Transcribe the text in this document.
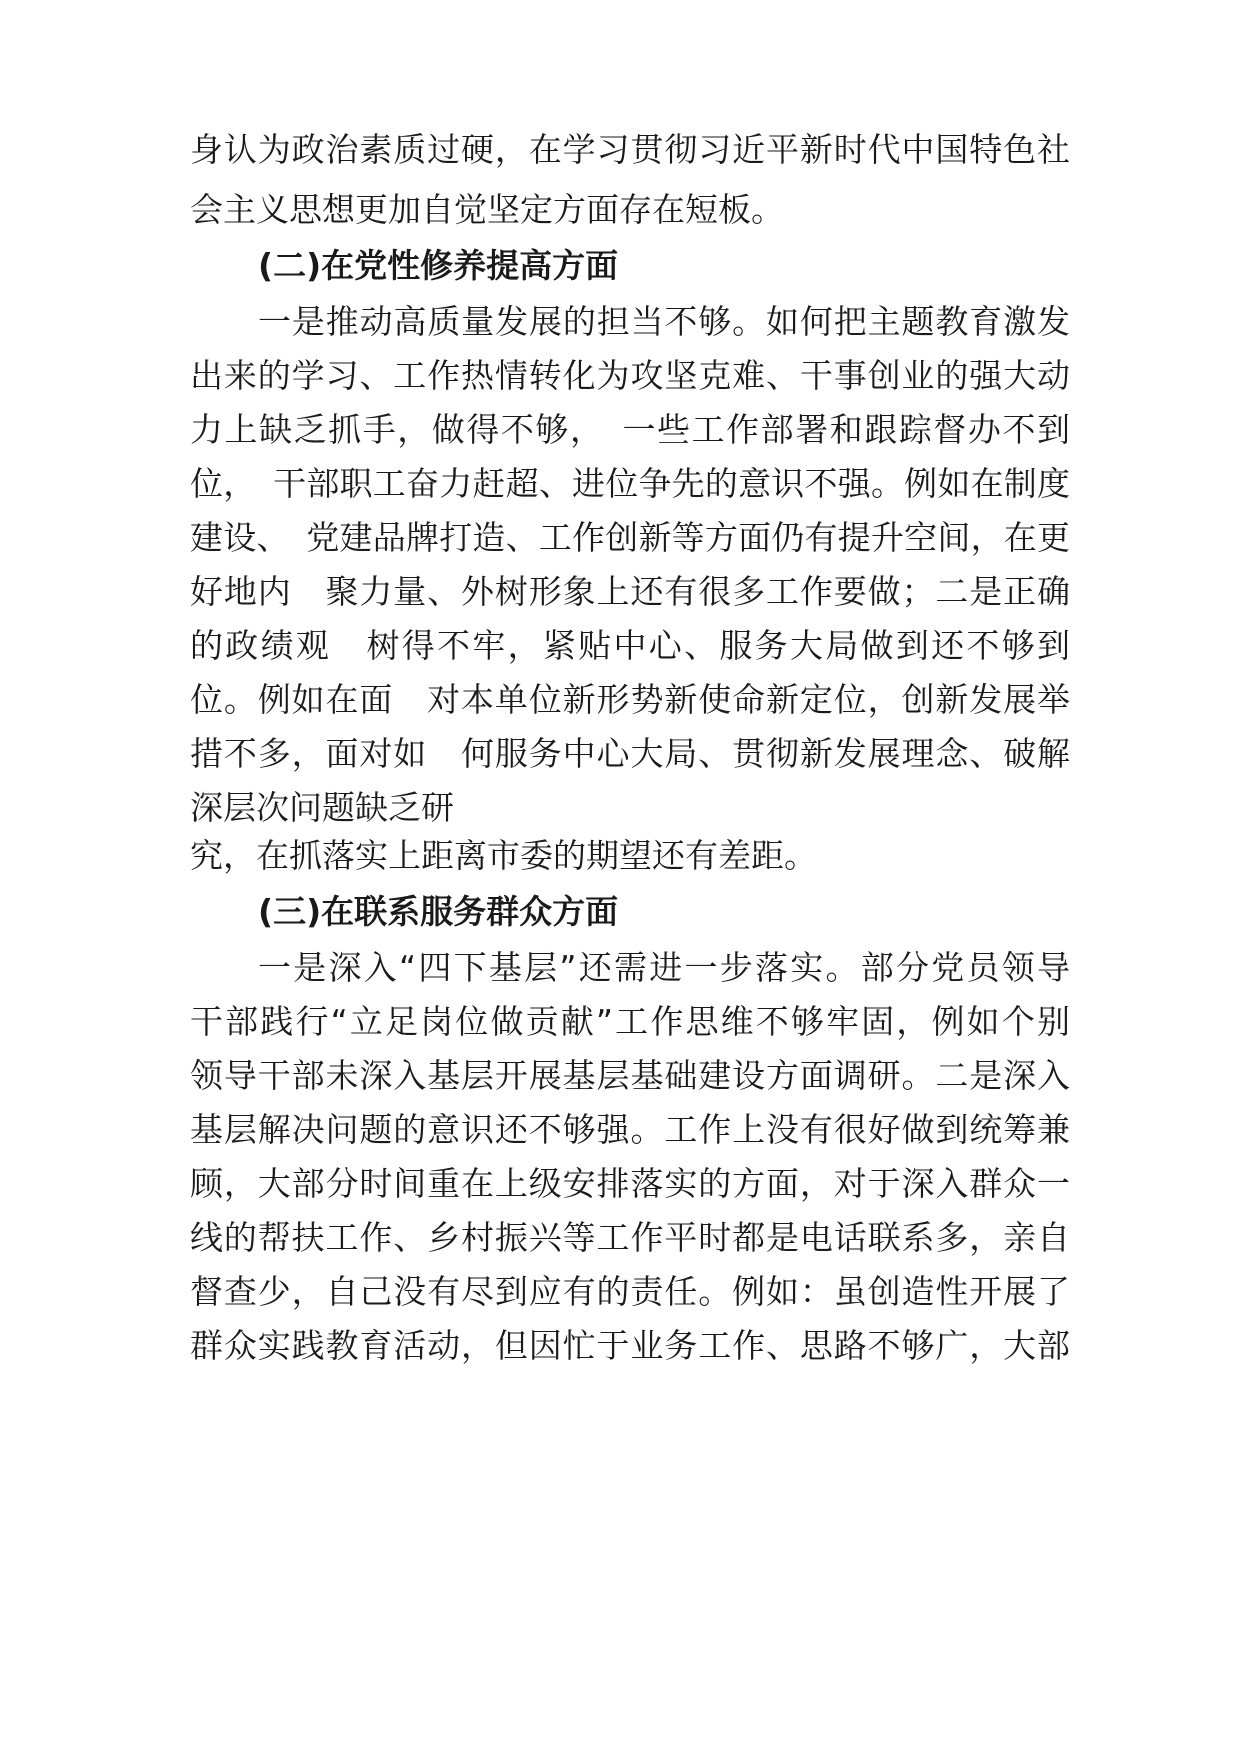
身认为政治素质过硬，在学习贯彻习近平新时代中国特色社
会主义思想更加自觉坚定方面存在短板。
(二)在党性修养提高方面
一是推动高质量发展的担当不够。如何把主题教育激发
出来的学习、工作热情转化为攻坚克难、干事创业的强大动
力上缺乏抓手，做得不够，　一些工作部署和跟踪督办不到
位，　干部职工奋力赶超、进位争先的意识不强。例如在制度
建设、　党建品牌打造、工作创新等方面仍有提升空间，在更
好地内　聚力量、外树形象上还有很多工作要做；二是正确
的政绩观　树得不牢，紧贴中心、服务大局做到还不够到
位。例如在面　对本单位新形势新使命新定位，创新发展举
措不多，面对如　何服务中心大局、贯彻新发展理念、破解
深层次问题缺乏研
究，在抓落实上距离市委的期望还有差距。
(三)在联系服务群众方面
一是深入“四下基层”还需进一步落实。部分党员领导
干部践行“立足岗位做贡献”工作思维不够牢固，例如个别
领导干部未深入基层开展基层基础建设方面调研。二是深入
基层解决问题的意识还不够强。工作上没有很好做到统筹兼
顾，大部分时间重在上级安排落实的方面，对于深入群众一
线的帮扶工作、乡村振兴等工作平时都是电话联系多，亲自
督查少，自己没有尽到应有的责任。例如：虽创造性开展了
群众实践教育活动，但因忙于业务工作、思路不够广，大部
